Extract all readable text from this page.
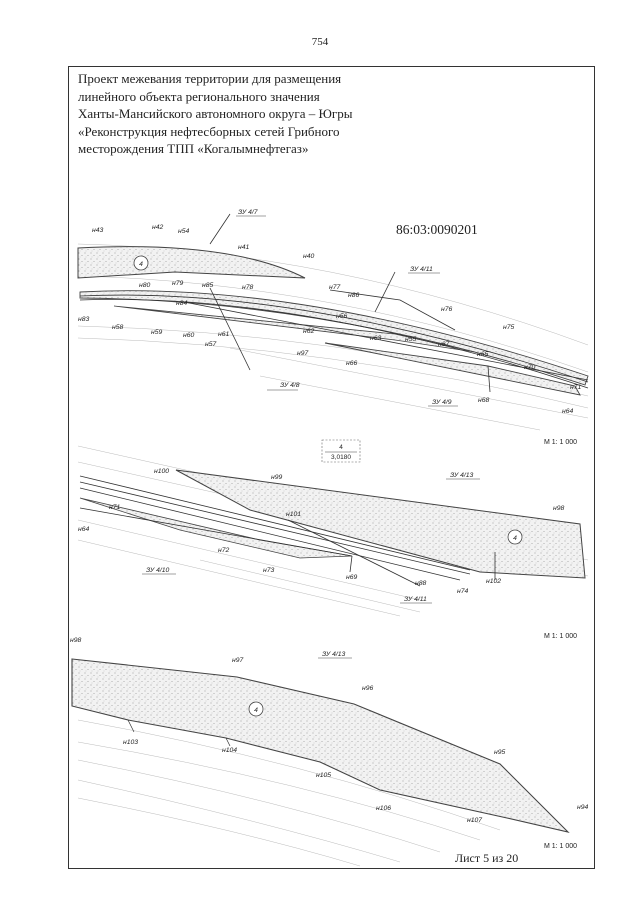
754
Проект межевания территории для размещения
линейного объекта регионального значения
Ханты-Мансийского автономного округа – Югры
«Реконструкция нефтесборных сетей Грибного
месторождения ТПП «Когалымнефтегаз»
86:03:0090201
Лист 5 из 20
4
н43	н42
н54
н41
н40
н80	н79	н85	н78	н77
н86
н84
н83
н58
н59	н60	н61
н57
н56
н62
н63	н55
н67
н76
н75
н66
н97	н65
н70
н71
н68
н64
ЗУ 4/7
ЗУ 4/11
ЗУ 4/8
ЗУ 4/9
М 1: 1 000
4
3,0180
4
н100
н99
н101
н98
н71
н64
н72
н73
н69
н88
н74
н102
ЗУ 4/13
ЗУ 4/10
ЗУ 4/11
М 1: 1 000
4
н98
н97
н96
н103
н104
н105
н95
н106
н107
н94
ЗУ 4/13
М 1: 1 000
